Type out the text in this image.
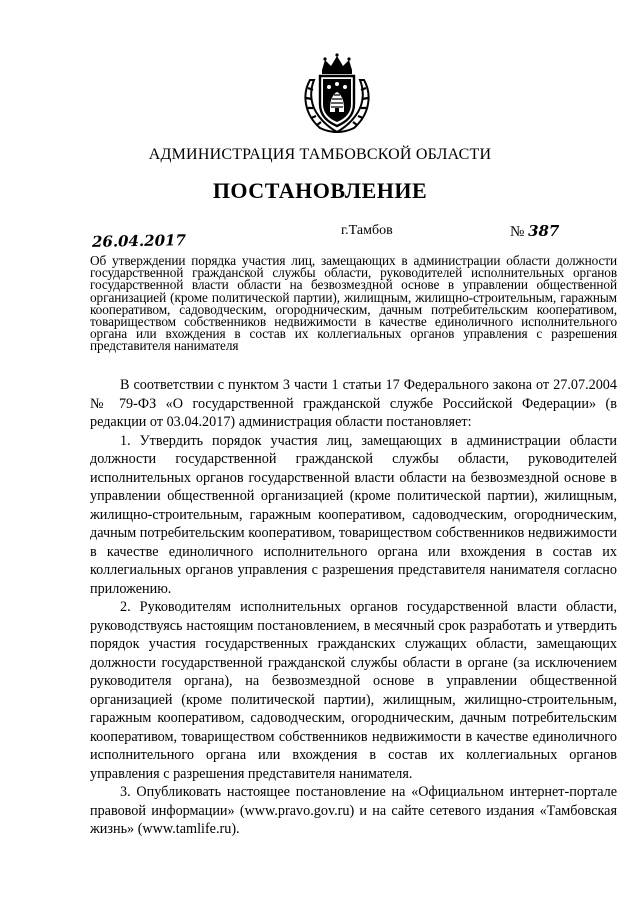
АДМИНИСТРАЦИЯ ТАМБОВСКОЙ ОБЛАСТИ
ПОСТАНОВЛЕНИЕ
26.04.2017
г.Тамбов	№ 387
Об утверждении порядка участия лиц, замещающих в администрации области должности государственной гражданской службы области, руководителей исполнительных органов государственной власти области на безвозмездной основе в управлении общественной организацией (кроме политической партии), жилищным, жилищно-строительным, гаражным кооперативом, садоводческим, огородническим, дачным потребительским кооперативом, товариществом собственников недвижимости в качестве единоличного исполнительного органа или вхождения в состав их коллегиальных органов управления с разрешения представителя нанимателя

В соответствии с пунктом 3 части 1 статьи 17 Федерального закона от 27.07.2004 № 79-ФЗ «О государственной гражданской службе Российской Федерации» (в редакции от 03.04.2017) администрация области постановляет:

1. Утвердить порядок участия лиц, замещающих в администрации области должности государственной гражданской службы области, руководителей исполнительных органов государственной власти области на безвозмездной основе в управлении общественной организацией (кроме политической партии), жилищным, жилищно-строительным, гаражным кооперативом, садоводческим, огородническим, дачным потребительским кооперативом, товариществом собственников недвижимости в качестве единоличного исполнительного органа или вхождения в состав их коллегиальных органов управления с разрешения представителя нанимателя согласно приложению.

2. Руководителям исполнительных органов государственной власти области, руководствуясь настоящим постановлением, в месячный срок разработать и утвердить порядок участия государственных гражданских служащих области, замещающих должности государственной гражданской службы области в органе (за исключением руководителя органа), на безвозмездной основе в управлении общественной организацией (кроме политической партии), жилищным, жилищно-строительным, гаражным кооперативом, садоводческим, огородническим, дачным потребительским кооперативом, товариществом собственников недвижимости в качестве единоличного исполнительного органа или вхождения в состав их коллегиальных органов управления с разрешения представителя нанимателя.

3. Опубликовать настоящее постановление на «Официальном интернет-портале правовой информации» (www.pravo.gov.ru) и на сайте сетевого издания «Тамбовская жизнь» (www.tamlife.ru).
